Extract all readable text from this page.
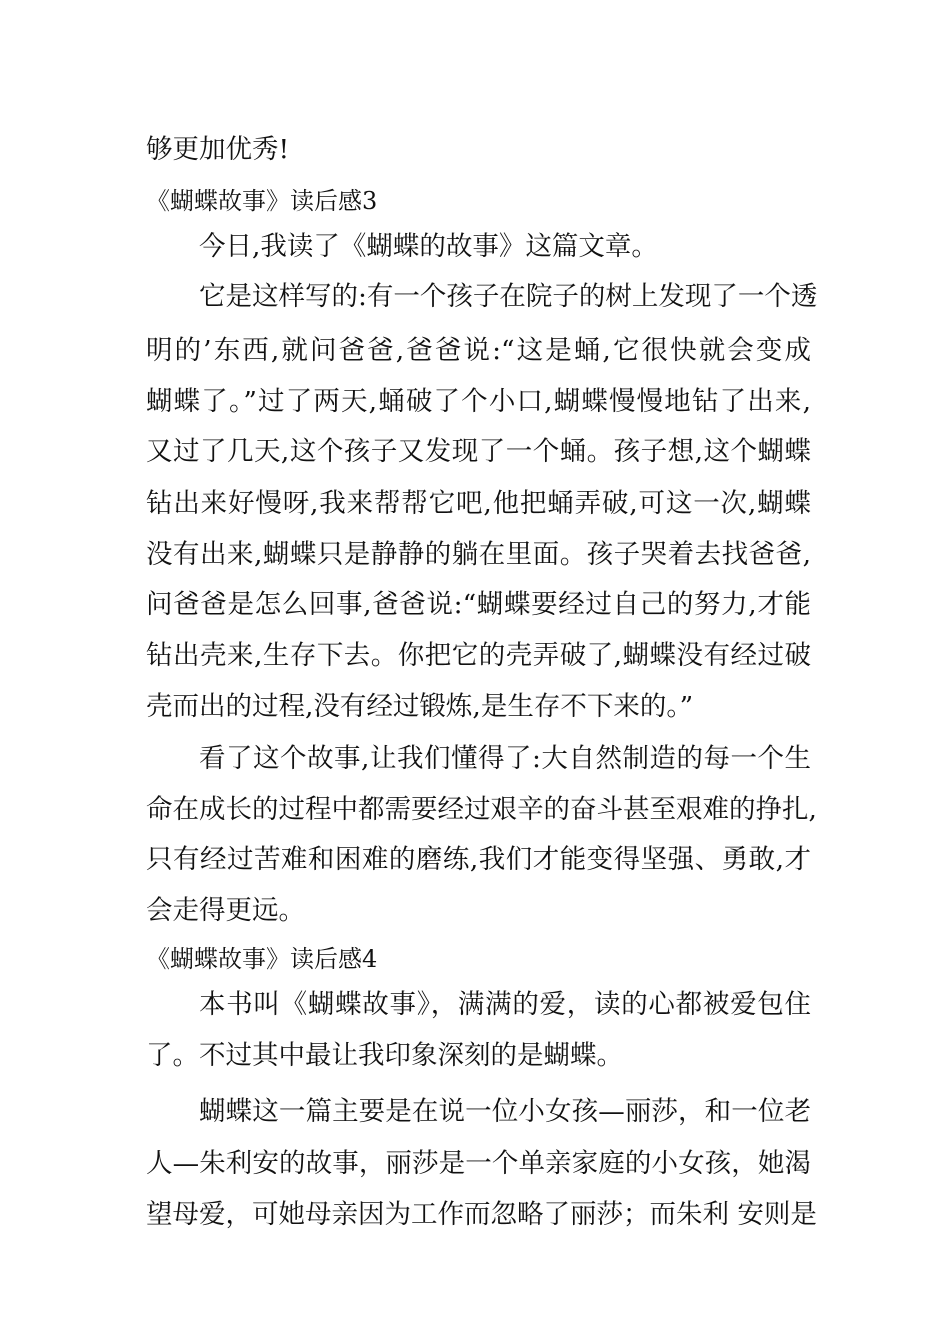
够更加优秀!
《蝴蝶故事》读后感3
今日,我读了《蝴蝶的故事》这篇文章。
它是这样写的:有一个孩子在院子的树上发现了一个透
明的’东西,就问爸爸,爸爸说:“这是蛹,它很快就会变成
蝴蝶了。”过了两天,蛹破了个小口,蝴蝶慢慢地钻了出来,
又过了几天,这个孩子又发现了一个蛹。孩子想,这个蝴蝶
钻出来好慢呀,我来帮帮它吧,他把蛹弄破,可这一次,蝴蝶
没有出来,蝴蝶只是静静的躺在里面。孩子哭着去找爸爸,
问爸爸是怎么回事,爸爸说:“蝴蝶要经过自己的努力,才能
钻出壳来,生存下去。你把它的壳弄破了,蝴蝶没有经过破
壳而出的过程,没有经过锻炼,是生存不下来的。”
看了这个故事,让我们懂得了:大自然制造的每一个生
命在成长的过程中都需要经过艰辛的奋斗甚至艰难的挣扎,
只有经过苦难和困难的磨练,我们才能变得坚强、勇敢,才
会走得更远。
《蝴蝶故事》读后感4
本书叫《蝴蝶故事》，满满的爱，读的心都被爱包住
了。不过其中最让我印象深刻的是蝴蝶。
蝴蝶这一篇主要是在说一位小女孩—丽莎，和一位老
人—朱利安的故事，丽莎是一个单亲家庭的小女孩，她渴
望母爱，可她母亲因为工作而忽略了丽莎；而朱利 安则是
